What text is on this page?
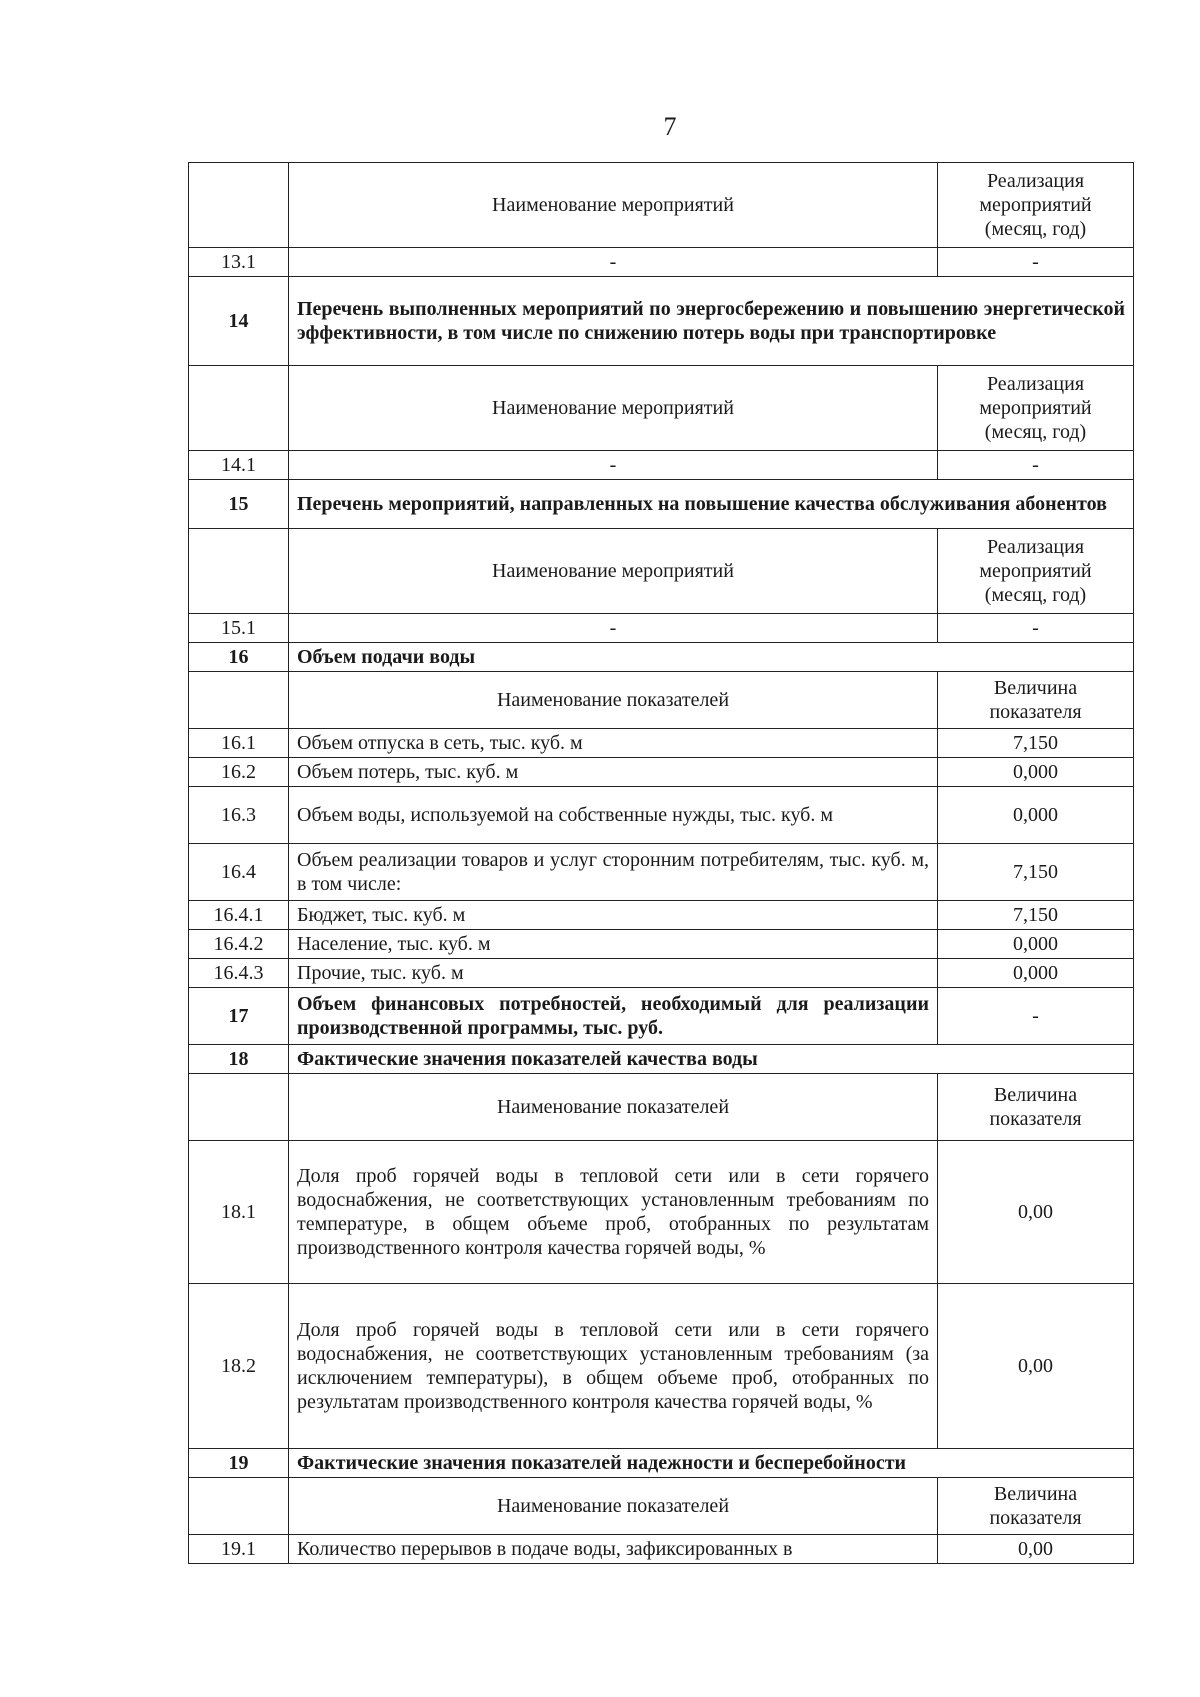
7
	Наименование мероприятий	Реализация мероприятий (месяц, год)
13.1	-	-
14	Перечень выполненных мероприятий по энергосбережению и повышению энергетической эффективности, в том числе по снижению потерь воды при транспортировке	
	Наименование мероприятий	Реализация мероприятий (месяц, год)
14.1	-	-
15	Перечень мероприятий, направленных на повышение качества обслуживания абонентов	
	Наименование мероприятий	Реализация мероприятий (месяц, год)
15.1	-	-
16	Объем подачи воды	
	Наименование показателей	Величина показателя
16.1	Объем отпуска в сеть, тыс. куб. м	7,150
16.2	Объем потерь, тыс. куб. м	0,000
16.3	Объем воды, используемой на собственные нужды, тыс. куб. м	0,000
16.4	Объем реализации товаров и услуг сторонним потребителям, тыс. куб. м, в том числе:	7,150
16.4.1	Бюджет, тыс. куб. м	7,150
16.4.2	Население, тыс. куб. м	0,000
16.4.3	Прочие, тыс. куб. м	0,000
17	Объем финансовых потребностей, необходимый для реализации производственной программы, тыс. руб.	-
18	Фактические значения показателей качества воды	
	Наименование показателей	Величина показателя
18.1	Доля проб горячей воды в тепловой сети или в сети горячего водоснабжения, не соответствующих установленным требованиям по температуре, в общем объеме проб, отобранных по результатам производственного контроля качества горячей воды, %	0,00
18.2	Доля проб горячей воды в тепловой сети или в сети горячего водоснабжения, не соответствующих установленным требованиям (за исключением температуры), в общем объеме проб, отобранных по результатам производственного контроля качества горячей воды, %	0,00
19	Фактические значения показателей надежности и бесперебойности	
	Наименование показателей	Величина показателя
19.1	Количество перерывов в подаче воды, зафиксированных в	0,00
